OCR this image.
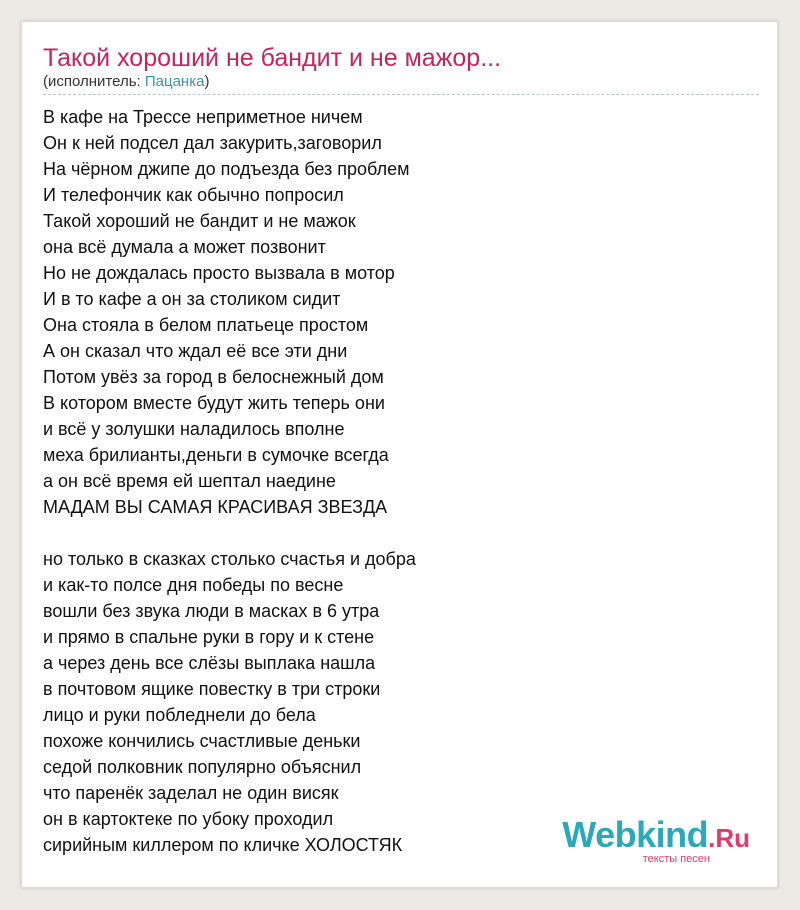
Такой хороший не бандит и не мажор...
(исполнитель: Пацанка)
В кафе на Трессе неприметное ничем
Он к ней подсел дал закурить,заговорил
На чёрном джипе до подъезда без проблем
И телефончик как обычно попросил
Такой хороший не бандит и не мажок
она всё думала а может позвонит
Но не дождалась просто вызвала в мотор
И в то кафе а он за столиком сидит
Она стояла в белом платьеце простом
А он сказал что ждал её все эти дни
Потом увёз за город в белоснежный дом
В котором вместе будут жить теперь они
и всё у золушки наладилось вполне
меха брилианты,деньги в сумочке всегда
а он всё время ей шептал наедине
МАДАМ ВЫ САМАЯ КРАСИВАЯ ЗВЕЗДА
но только в сказках столько счастья и добра
и как-то полсе дня победы по весне
вошли без звука люди в масках в 6 утра
и прямо в спальне руки в гору и к стене
а через день все слёзы выплака нашла
в почтовом ящике повестку в три строки
лицо и руки побледнели до бела
похоже кончились счастливые деньки
седой полковник популярно объяснил
что паренёк заделал не один висяк
он в картоктеке по убоку проходил
сирийным киллером по кличке ХОЛОСТЯК	Webkind.Ru
тексты песен
